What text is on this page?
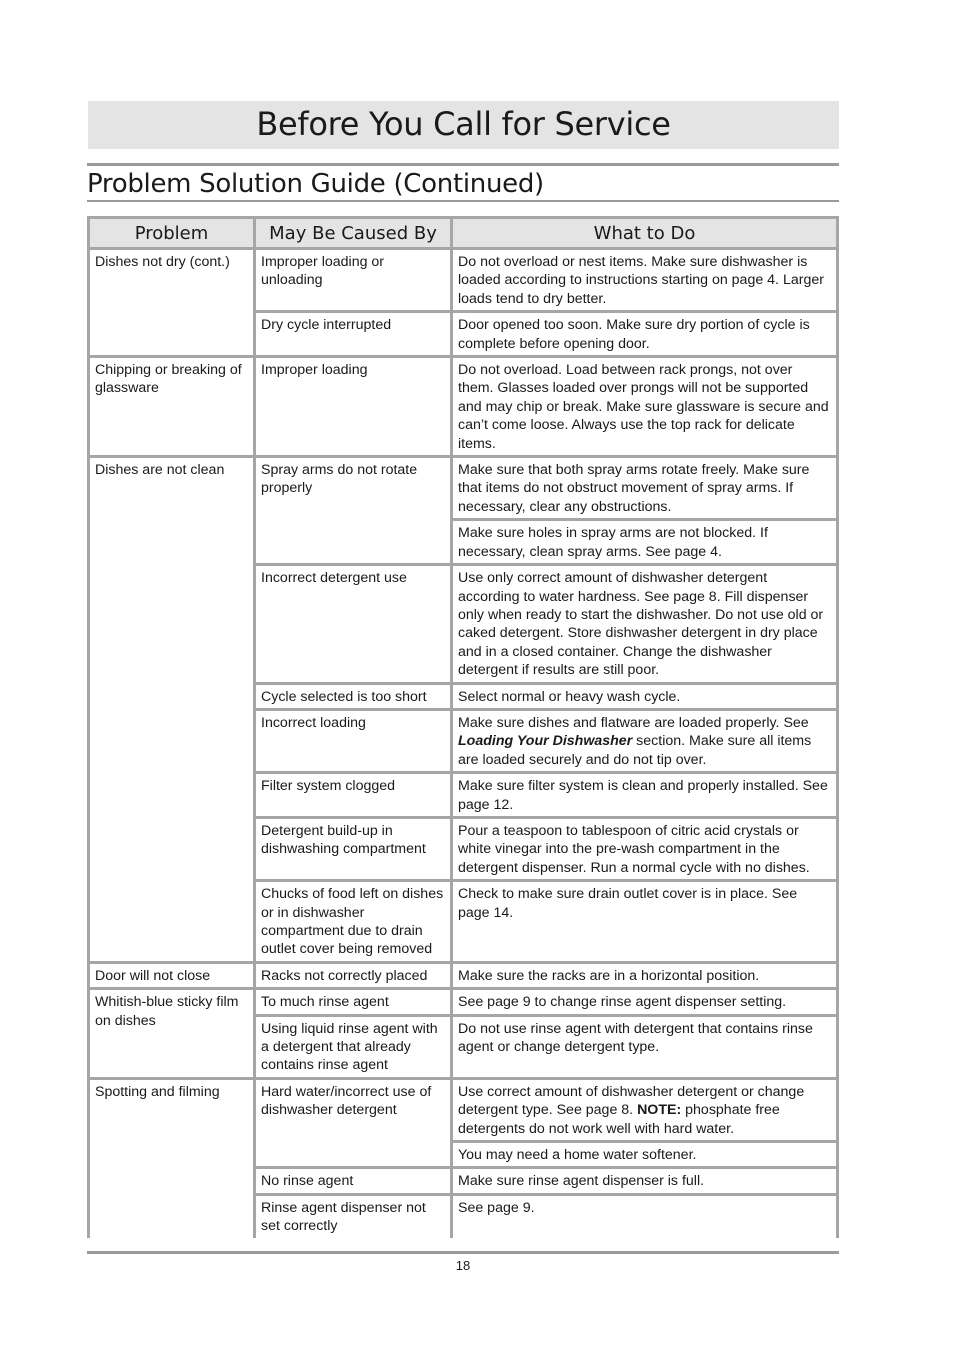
Before You Call for Service
Problem Solution Guide (Continued)
Problem	May Be Caused By	What to Do
Dishes not dry (cont.)	Improper loading or unloading	Do not overload or nest items. Make sure dishwasher is loaded according to instructions starting on page 4. Larger loads tend to dry better.
	Dry cycle interrupted	Door opened too soon. Make sure dry portion of cycle is complete before opening door.
Chipping or breaking of glassware	Improper loading	Do not overload. Load between rack prongs, not over them. Glasses loaded over prongs will not be supported and may chip or break. Make sure glassware is secure and can’t come loose. Always use the top rack for delicate items.
Dishes are not clean	Spray arms do not rotate properly	Make sure that both spray arms rotate freely. Make sure that items do not obstruct movement of spray arms. If necessary, clear any obstructions.
		Make sure holes in spray arms are not blocked. If necessary, clean spray arms. See page 4.
	Incorrect detergent use	Use only correct amount of dishwasher detergent according to water hardness. See page 8. Fill dispenser only when ready to start the dishwasher. Do not use old or caked detergent. Store dishwasher detergent in dry place and in a closed container. Change the dishwasher detergent if results are still poor.
	Cycle selected is too short	Select normal or heavy wash cycle.
	Incorrect loading	Make sure dishes and flatware are loaded properly. See Loading Your Dishwasher section. Make sure all items are loaded securely and do not tip over.
	Filter system clogged	Make sure filter system is clean and properly installed. See page 12.
	Detergent build-up in dishwashing compartment	Pour a teaspoon to tablespoon of citric acid crystals or white vinegar into the pre-wash compartment in the detergent dispenser. Run a normal cycle with no dishes.
	Chucks of food left on dishes or in dishwasher compartment due to drain outlet cover being removed	Check to make sure drain outlet cover is in place. See page 14.
Door will not close	Racks not correctly placed	Make sure the racks are in a horizontal position.
Whitish-blue sticky film on dishes	To much rinse agent	See page 9 to change rinse agent dispenser setting.
	Using liquid rinse agent with a detergent that already contains rinse agent	Do not use rinse agent with detergent that contains rinse agent or change detergent type.
Spotting and filming	Hard water/incorrect use of dishwasher detergent	Use correct amount of dishwasher detergent or change detergent type. See page 8. NOTE: phosphate free detergents do not work well with hard water.
		You may need a home water softener.
	No rinse agent	Make sure rinse agent dispenser is full.
	Rinse agent dispenser not set correctly	See page 9.
18
